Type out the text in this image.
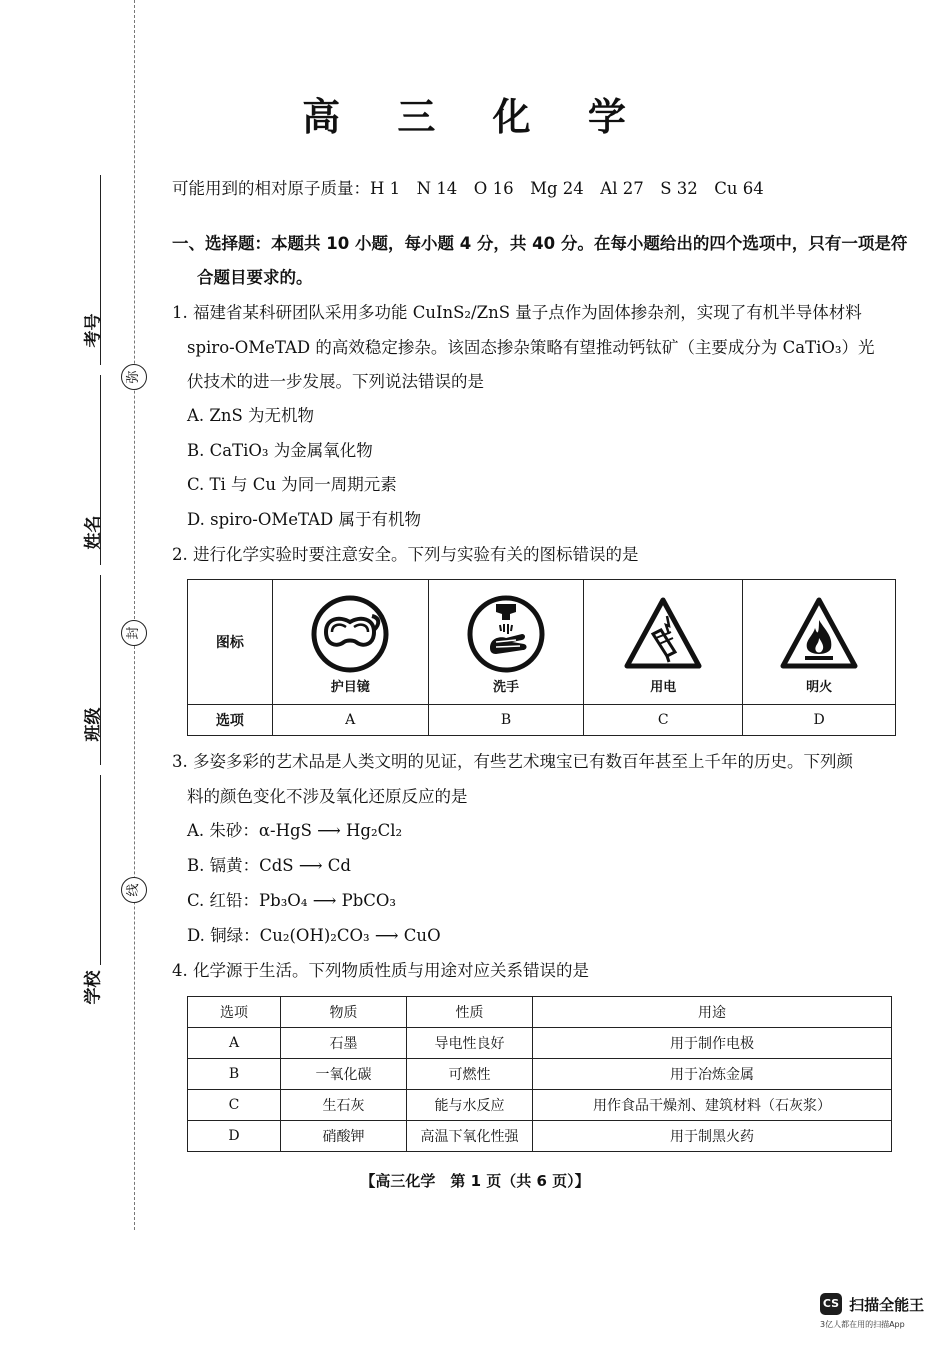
考号
姓名
班级
学校
弥
封
线
高 三 化 学
可能用到的相对原子质量：H 1　N 14　O 16　Mg 24　Al 27　S 32　Cu 64
一、选择题：本题共 10 小题，每小题 4 分，共 40 分。在每小题给出的四个选项中，只有一项是符
合题目要求的。
1. 福建省某科研团队采用多功能 CuInS₂/ZnS 量子点作为固体掺杂剂，实现了有机半导体材料
spiro-OMeTAD 的高效稳定掺杂。该固态掺杂策略有望推动钙钛矿（主要成分为 CaTiO₃）光
伏技术的进一步发展。下列说法错误的是
A. ZnS 为无机物
B. CaTiO₃ 为金属氧化物
C. Ti 与 Cu 为同一周期元素
D. spiro-OMeTAD 属于有机物
2. 进行化学实验时要注意安全。下列与实验有关的图标错误的是
图标	护目镜	洗手	用电	明火

选项	A	B	C	D
3. 多姿多彩的艺术品是人类文明的见证，有些艺术瑰宝已有数百年甚至上千年的历史。下列颜
料的颜色变化不涉及氧化还原反应的是
A. 朱砂：α-HgS ⟶ Hg₂Cl₂
B. 镉黄：CdS ⟶ Cd
C. 红铅：Pb₃O₄ ⟶ PbCO₃
D. 铜绿：Cu₂(OH)₂CO₃ ⟶ CuO
4. 化学源于生活。下列物质性质与用途对应关系错误的是
选项	物质	性质	用途
A	石墨	导电性良好	用于制作电极
B	一氧化碳	可燃性	用于冶炼金属
C	生石灰	能与水反应	用作食品干燥剂、建筑材料（石灰浆）
D	硝酸钾	高温下氧化性强	用于制黑火药
【高三化学　第 1 页（共 6 页）】
CS 扫描全能王
3亿人都在用的扫描App
